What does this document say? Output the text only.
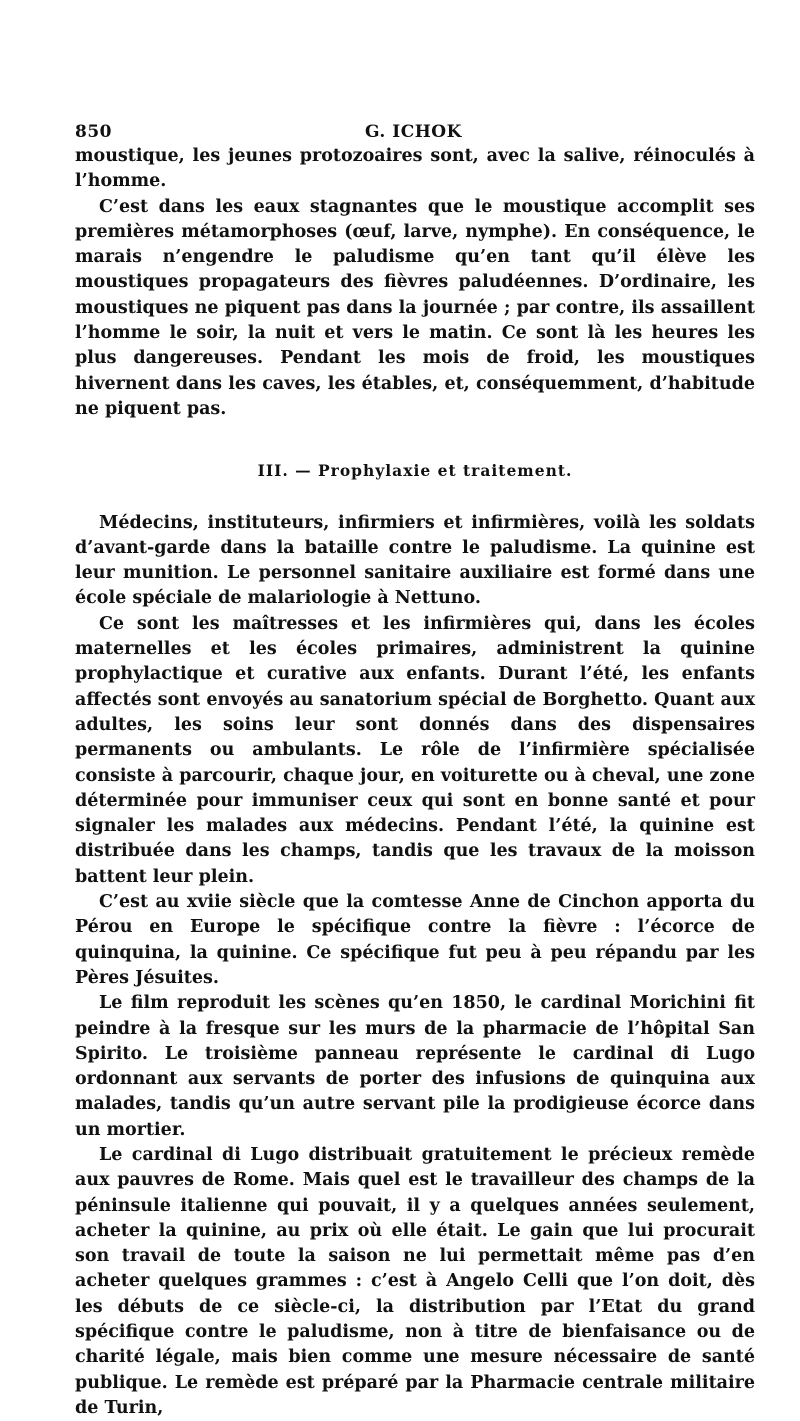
850	G. ICHOK

moustique, les jeunes protozoaires sont, avec la salive, réinoculés à l’homme.

C’est dans les eaux stagnantes que le moustique accomplit ses premières métamorphoses (œuf, larve, nymphe). En conséquence, le marais n’engendre le paludisme qu’en tant qu’il élève les moustiques propagateurs des fièvres paludéennes. D’ordinaire, les moustiques ne piquent pas dans la journée ; par contre, ils assaillent l’homme le soir, la nuit et vers le matin. Ce sont là les heures les plus dangereuses. Pendant les mois de froid, les moustiques hivernent dans les caves, les étables, et, conséquemment, d’habitude ne piquent pas.

III. — Prophylaxie et traitement.

Médecins, instituteurs, infirmiers et infirmières, voilà les soldats d’avant-garde dans la bataille contre le paludisme. La quinine est leur munition. Le personnel sanitaire auxiliaire est formé dans une école spéciale de malariologie à Nettuno.

Ce sont les maîtresses et les infirmières qui, dans les écoles maternelles et les écoles primaires, administrent la quinine prophylactique et curative aux enfants. Durant l’été, les enfants affectés sont envoyés au sanatorium spécial de Borghetto. Quant aux adultes, les soins leur sont donnés dans des dispensaires permanents ou ambulants. Le rôle de l’infirmière spécialisée consiste à parcourir, chaque jour, en voiturette ou à cheval, une zone déterminée pour immuniser ceux qui sont en bonne santé et pour signaler les malades aux médecins. Pendant l’été, la quinine est distribuée dans les champs, tandis que les travaux de la moisson battent leur plein.

C’est au xviie siècle que la comtesse Anne de Cinchon apporta du Pérou en Europe le spécifique contre la fièvre : l’écorce de quinquina, la quinine. Ce spécifique fut peu à peu répandu par les Pères Jésuites.

Le film reproduit les scènes qu’en 1850, le cardinal Morichini fit peindre à la fresque sur les murs de la pharmacie de l’hôpital San Spirito. Le troisième panneau représente le cardinal di Lugo ordonnant aux servants de porter des infusions de quinquina aux malades, tandis qu’un autre servant pile la prodigieuse écorce dans un mortier.

Le cardinal di Lugo distribuait gratuitement le précieux remède aux pauvres de Rome. Mais quel est le travailleur des champs de la péninsule italienne qui pouvait, il y a quelques années seulement, acheter la quinine, au prix où elle était. Le gain que lui procurait son travail de toute la saison ne lui permettait même pas d’en acheter quelques grammes : c’est à Angelo Celli que l’on doit, dès les débuts de ce siècle-ci, la distribution par l’Etat du grand spécifique contre le paludisme, non à titre de bienfaisance ou de charité légale, mais bien comme une mesure nécessaire de santé publique. Le remède est préparé par la Pharmacie centrale militaire de Turin,
